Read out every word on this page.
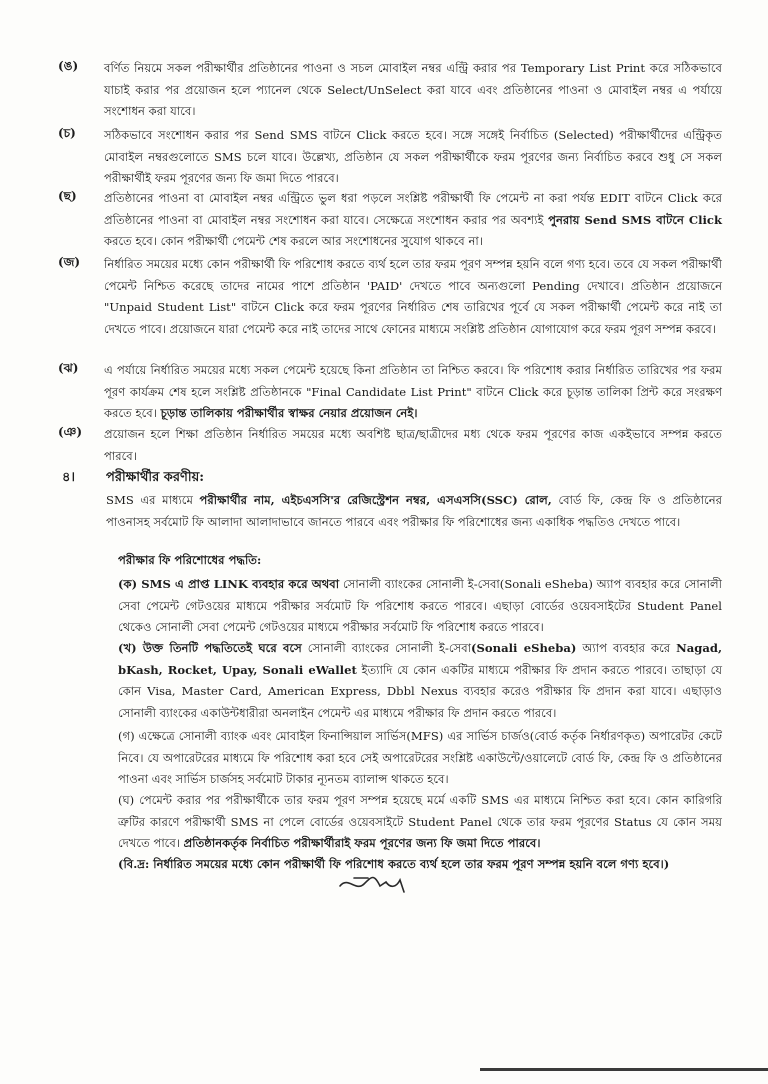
(ঙ)	বর্ণিত নিয়মে সকল পরীক্ষার্থীর প্রতিষ্ঠানের পাওনা ও সচল মোবাইল নম্বর এন্ট্রি করার পর Temporary List Print করে সঠিকভাবে যাচাই করার পর প্রয়োজন হলে প্যানেল থেকে Select/UnSelect করা যাবে এবং প্রতিষ্ঠানের পাওনা ও মোবাইল নম্বর এ পর্যায়ে সংশোধন করা যাবে।
(চ)	সঠিকভাবে সংশোধন করার পর Send SMS বাটনে Click করতে হবে। সঙ্গে সঙ্গেই নির্বাচিত (Selected) পরীক্ষার্থীদের এন্ট্রিকৃত মোবাইল নম্বরগুলোতে SMS চলে যাবে। উল্লেখ্য, প্রতিষ্ঠান যে সকল পরীক্ষার্থীকে ফরম পূরণের জন্য নির্বাচিত করবে শুধু সে সকল পরীক্ষার্থীই ফরম পূরণের জন্য ফি জমা দিতে পারবে।
(ছ)	প্রতিষ্ঠানের পাওনা বা মোবাইল নম্বর এন্ট্রিতে ভুল ধরা পড়লে সংশ্লিষ্ট পরীক্ষার্থী ফি পেমেন্ট না করা পর্যন্ত EDIT বাটনে Click করে প্রতিষ্ঠানের পাওনা বা মোবাইল নম্বর সংশোধন করা যাবে। সেক্ষেত্রে সংশোধন করার পর অবশ্যই পুনরায় Send SMS বাটনে Click করতে হবে। কোন পরীক্ষার্থী পেমেন্ট শেষ করলে আর সংশোধনের সুযোগ থাকবে না।
(জ)	নির্ধারিত সময়ের মধ্যে কোন পরীক্ষার্থী ফি পরিশোধ করতে ব্যর্থ হলে তার ফরম পূরণ সম্পন্ন হয়নি বলে গণ্য হবে। তবে যে সকল পরীক্ষার্থী পেমেন্ট নিশ্চিত করেছে তাদের নামের পাশে প্রতিষ্ঠান 'PAID' দেখতে পাবে অন্যগুলো Pending দেখাবে। প্রতিষ্ঠান প্রয়োজনে "Unpaid Student List" বাটনে Click করে ফরম পূরণের নির্ধারিত শেষ তারিখের পূর্বে যে সকল পরীক্ষার্থী পেমেন্ট করে নাই তা দেখতে পাবে। প্রয়োজনে যারা পেমেন্ট করে নাই তাদের সাথে ফোনের মাধ্যমে সংশ্লিষ্ট প্রতিষ্ঠান যোগাযোগ করে ফরম পূরণ সম্পন্ন করবে।
(ঝ)	এ পর্যায়ে নির্ধারিত সময়ের মধ্যে সকল পেমেন্ট হয়েছে কিনা প্রতিষ্ঠান তা নিশ্চিত করবে। ফি পরিশোধ করার নির্ধারিত তারিখের পর ফরম পূরণ কার্যক্রম শেষ হলে সংশ্লিষ্ট প্রতিষ্ঠানকে "Final Candidate List Print" বাটনে Click করে চূড়ান্ত তালিকা প্রিন্ট করে সংরক্ষণ করতে হবে। চূড়ান্ত তালিকায় পরীক্ষার্থীর স্বাক্ষর নেয়ার প্রয়োজন নেই।
(ঞ)	প্রয়োজন হলে শিক্ষা প্রতিষ্ঠান নির্ধারিত সময়ের মধ্যে অবশিষ্ট ছাত্র/ছাত্রীদের মধ্য থেকে ফরম পূরণের কাজ একইভাবে সম্পন্ন করতে পারবে।
৪। পরীক্ষার্থীর করণীয়:
SMS এর মাধ্যমে পরীক্ষার্থীর নাম, এইচএসসি'র রেজিস্ট্রেশন নম্বর, এসএসসি(SSC) রোল, বোর্ড ফি, কেন্দ্র ফি ও প্রতিষ্ঠানের পাওনাসহ সর্বমোট ফি আলাদা আলাদাভাবে জানতে পারবে এবং পরীক্ষার ফি পরিশোধের জন্য একাধিক পদ্ধতিও দেখতে পাবে।
পরীক্ষার ফি পরিশোধের পদ্ধতি:
(ক) SMS এ প্রাপ্ত LINK ব্যবহার করে অথবা সোনালী ব্যাংকের সোনালী ই-সেবা(Sonali eSheba) অ্যাপ ব্যবহার করে সোনালী সেবা পেমেন্ট গেটওয়ের মাধ্যমে পরীক্ষার সর্বমোট ফি পরিশোধ করতে পারবে। এছাড়া বোর্ডের ওয়েবসাইটের Student Panel থেকেও সোনালী সেবা পেমেন্ট গেটওয়ের মাধ্যমে পরীক্ষার সর্বমোট ফি পরিশোধ করতে পারবে।
(খ) উক্ত তিনটি পদ্ধতিতেই ঘরে বসে সোনালী ব্যাংকের সোনালী ই-সেবা(Sonali eSheba) অ্যাপ ব্যবহার করে Nagad, bKash, Rocket, Upay, Sonali eWallet ইত্যাদি যে কোন একটির মাধ্যমে পরীক্ষার ফি প্রদান করতে পারবে। তাছাড়া যে কোন Visa, Master Card, American Express, Dbbl Nexus ব্যবহার করেও পরীক্ষার ফি প্রদান করা যাবে। এছাড়াও সোনালী ব্যাংকের একাউন্টধারীরা অনলাইন পেমেন্ট এর মাধ্যমে পরীক্ষার ফি প্রদান করতে পারবে।
(গ) এক্ষেত্রে সোনালী ব্যাংক এবং মোবাইল ফিনান্সিয়াল সার্ভিস(MFS) এর সার্ভিস চার্জও(বোর্ড কর্তৃক নির্ধারণকৃত) অপারেটর কেটে নিবে। যে অপারেটরের মাধ্যমে ফি পরিশোধ করা হবে সেই অপারেটরের সংশ্লিষ্ট একাউন্টে/ওয়ালেটে বোর্ড ফি, কেন্দ্র ফি ও প্রতিষ্ঠানের পাওনা এবং সার্ভিস চার্জসহ সর্বমোট টাকার ন্যূনতম ব্যালান্স থাকতে হবে।
(ঘ) পেমেন্ট করার পর পরীক্ষার্থীকে তার ফরম পূরণ সম্পন্ন হয়েছে মর্মে একটি SMS এর মাধ্যমে নিশ্চিত করা হবে। কোন কারিগরি ত্রুটির কারণে পরীক্ষার্থী SMS না পেলে বোর্ডের ওয়েবসাইটে Student Panel থেকে তার ফরম পূরণের Status যে কোন সময় দেখতে পাবে। প্রতিষ্ঠানকর্তৃক নির্বাচিত পরীক্ষার্থীরাই ফরম পূরণের জন্য ফি জমা দিতে পারবে।
(বি.দ্র: নির্ধারিত সময়ের মধ্যে কোন পরীক্ষার্থী ফি পরিশোধ করতে ব্যর্থ হলে তার ফরম পূরণ সম্পন্ন হয়নি বলে গণ্য হবে।)
